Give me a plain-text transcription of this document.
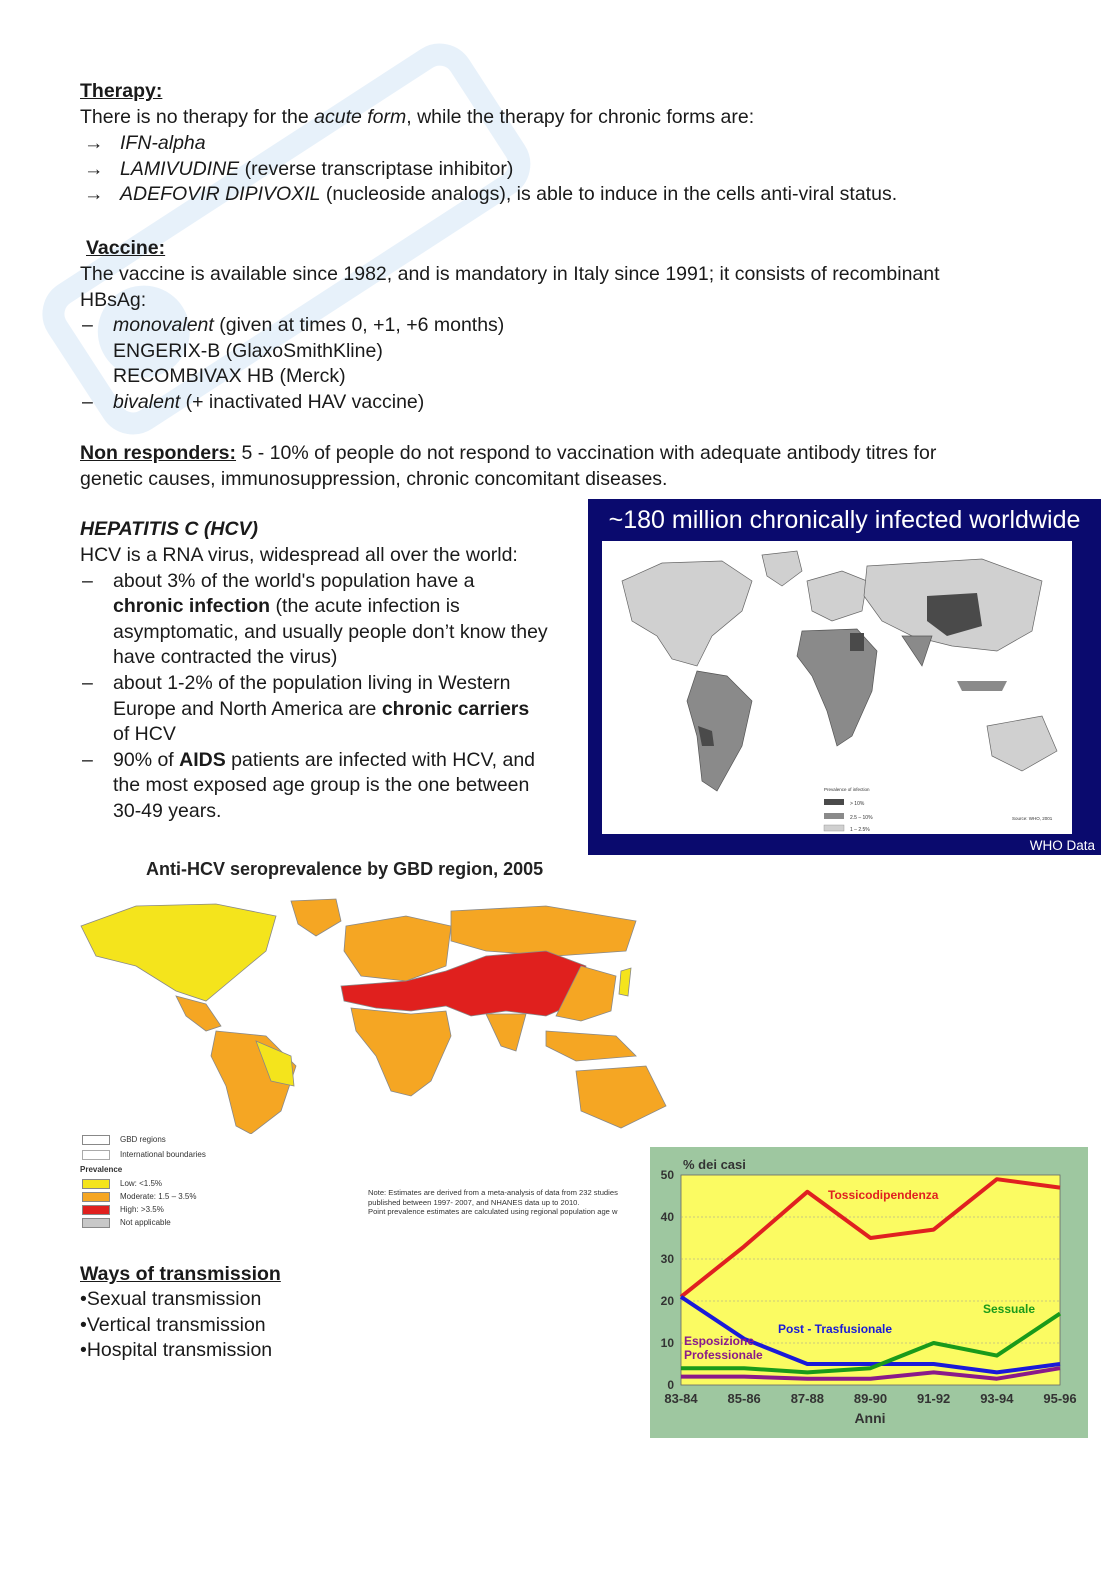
Therapy:
There is no therapy for the acute form, while the therapy for chronic forms are:
→ IFN-alpha
→ LAMIVUDINE (reverse transcriptase inhibitor)
→ ADEFOVIR DIPIVOXIL (nucleoside analogs), is able to induce in the cells anti-viral status.
Vaccine:
The vaccine is available since 1982, and is mandatory in Italy since 1991; it consists of recombinant
HBsAg:
– monovalent (given at times 0, +1, +6 months)
ENGERIX-B (GlaxoSmithKline)
RECOMBIVAX HB (Merck)
– bivalent (+ inactivated HAV vaccine)
Non responders: 5 - 10% of people do not respond to vaccination with adequate antibody titres for
genetic causes, immunosuppression, chronic concomitant diseases.
HEPATITIS C (HCV)
HCV is a RNA virus, widespread all over the world:
– about 3% of the world's population have a
chronic infection (the acute infection is
asymptomatic, and usually people don’t know they
have contracted the virus)
– about 1-2% of the population living in Western
Europe and North America are chronic carriers
of HCV
– 90% of AIDS patients are infected with HCV, and
the most exposed age group is the one between
30-49 years.
~180 million chronically infected worldwide
Prevalence of infection
> 10%
2.5 – 10%
1 – 2.5%
Source: WHO, 2001
WHO Data
Anti-HCV seroprevalence by GBD region, 2005
GBD regions
International boundaries
Prevalence
Low: <1.5%
Moderate: 1.5 – 3.5%
High: >3.5%
Not applicable
Note: Estimates are derived from a meta-analysis of data from 232 studies
published between 1997- 2007, and NHANES data up to 2010.
Point prevalence estimates are calculated using regional population age w
Ways of transmission
•Sexual transmission
•Vertical transmission
•Hospital transmission
0
10
20
30
40
50
83-84 85-86 87-88 89-90 91-92 93-94 95-96
% dei casi
Anni
Tossicodipendenza
Post - Trasfusionale
Sessuale
Esposizione
Professionale
